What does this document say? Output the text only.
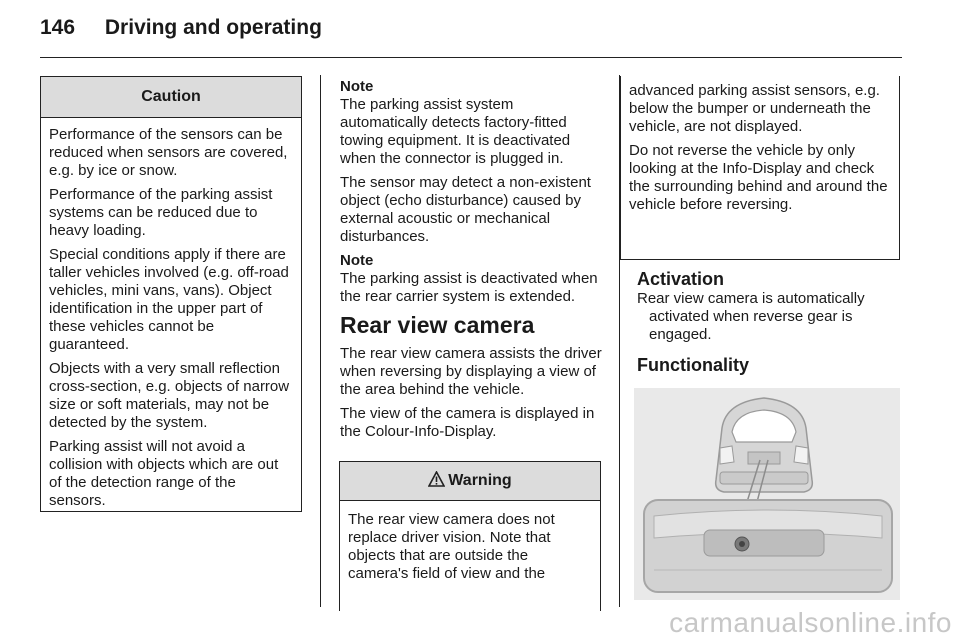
146 Driving and operating
Caution

Performance of the sensors can be reduced when sensors are covered, e.g. by ice or snow.

Performance of the parking assist systems can be reduced due to heavy loading.

Special conditions apply if there are taller vehicles involved (e.g. off-road vehicles, mini vans, vans). Object identification in the upper part of these vehicles cannot be guaranteed.

Objects with a very small reflection cross-section, e.g. objects of narrow size or soft materials, may not be detected by the system.

Parking assist will not avoid a collision with objects which are out of the detection range of the sensors.

Note

The parking assist system automatically detects factory-fitted towing equipment. It is deactivated when the connector is plugged in.

The sensor may detect a non-existent object (echo disturbance) caused by external acoustic or mechanical disturbances.

Note

The parking assist is deactivated when the rear carrier system is extended.

Rear view camera

The rear view camera assists the driver when reversing by displaying a view of the area behind the vehicle.

The view of the camera is displayed in the Colour-Info-Display.

Warning

The rear view camera does not replace driver vision. Note that objects that are outside the camera's field of view and the

advanced parking assist sensors, e.g. below the bumper or underneath the vehicle, are not displayed.

Do not reverse the vehicle by only looking at the Info-Display and check the surrounding behind and around the vehicle before reversing.

Activation

Rear view camera is automatically activated when reverse gear is engaged.

Functionality
carmanualsonline.info
